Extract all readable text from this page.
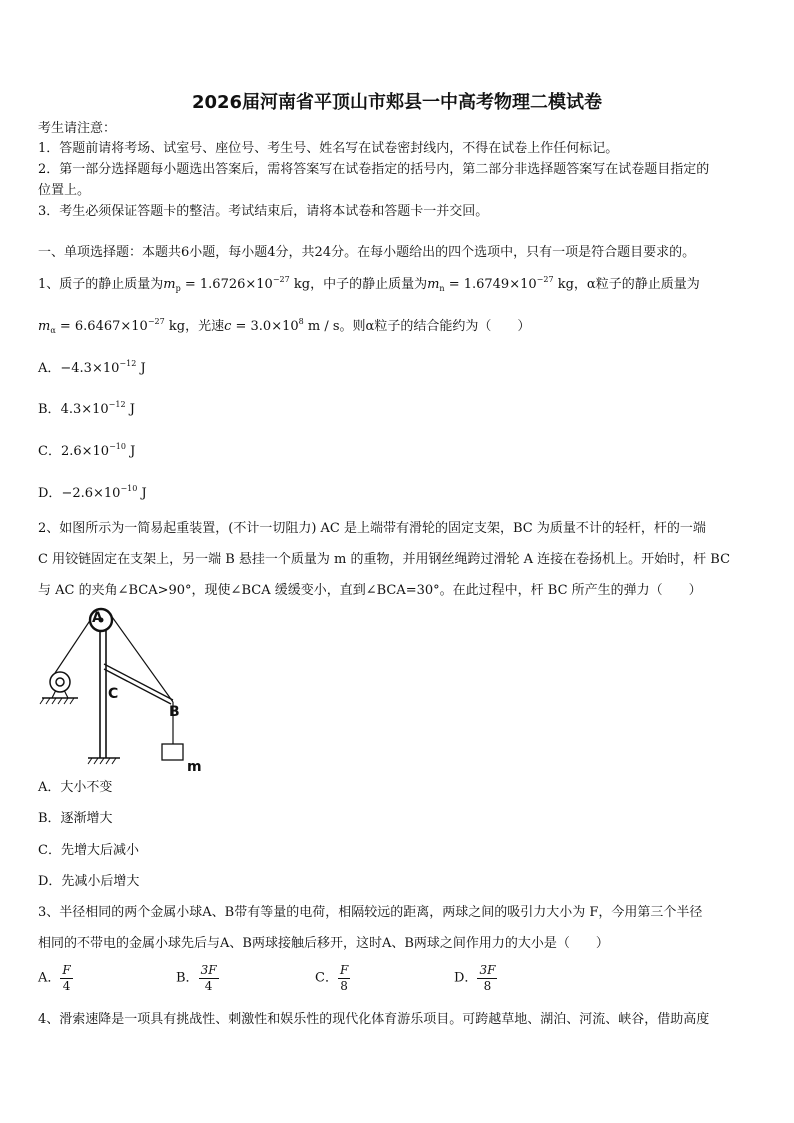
2026届河南省平顶山市郏县一中高考物理二模试卷
考生请注意：
1．答题前请将考场、试室号、座位号、考生号、姓名写在试卷密封线内，不得在试卷上作任何标记。
2．第一部分选择题每小题选出答案后，需将答案写在试卷指定的括号内，第二部分非选择题答案写在试卷题目指定的
位置上。
3．考生必须保证答题卡的整洁。考试结束后，请将本试卷和答题卡一并交回。
一、单项选择题：本题共6小题，每小题4分，共24分。在每小题给出的四个选项中，只有一项是符合题目要求的。
1、质子的静止质量为$m_p = 1.6726\times 10^{-27}$ kg，中子的静止质量为$m_n = 1.6749\times 10^{-27}$ kg，α粒子的静止质量为
$m_\alpha = 6.6467\times 10^{-27}$ kg，光速$c = 3.0\times 10^8$ m / s。则α粒子的结合能约为（　　）
A．$-4.3\times 10^{-12}$ J
B．$4.3\times 10^{-12}$ J
C．$2.6\times 10^{-10}$ J
D．$-2.6\times 10^{-10}$ J
2、如图所示为一简易起重装置，(不计一切阻力) AC 是上端带有滑轮的固定支架，BC 为质量不计的轻杆，杆的一端
C 用铰链固定在支架上，另一端 B 悬挂一个质量为 m 的重物，并用钢丝绳跨过滑轮 A 连接在卷扬机上。开始时，杆 BC
与 AC 的夹角∠BCA>90°，现使∠BCA 缓缓变小，直到∠BCA=30°。在此过程中，杆 BC 所产生的弹力（　　）
A
C
B
m
A．大小不变
B．逐渐增大
C．先增大后减小
D．先减小后增大
3、半径相同的两个金属小球A、B带有等量的电荷，相隔较远的距离，两球之间的吸引力大小为 F，今用第三个半径
相同的不带电的金属小球先后与A、B两球接触后移开，这时A、B两球之间作用力的大小是（　　）
A． $\frac{F}{4}$	B． $\frac{3F}{4}$	C． $\frac{F}{8}$	D． $\frac{3F}{8}$
4、滑索速降是一项具有挑战性、刺激性和娱乐性的现代化体育游乐项目。可跨越草地、湖泊、河流、峡谷，借助高度
